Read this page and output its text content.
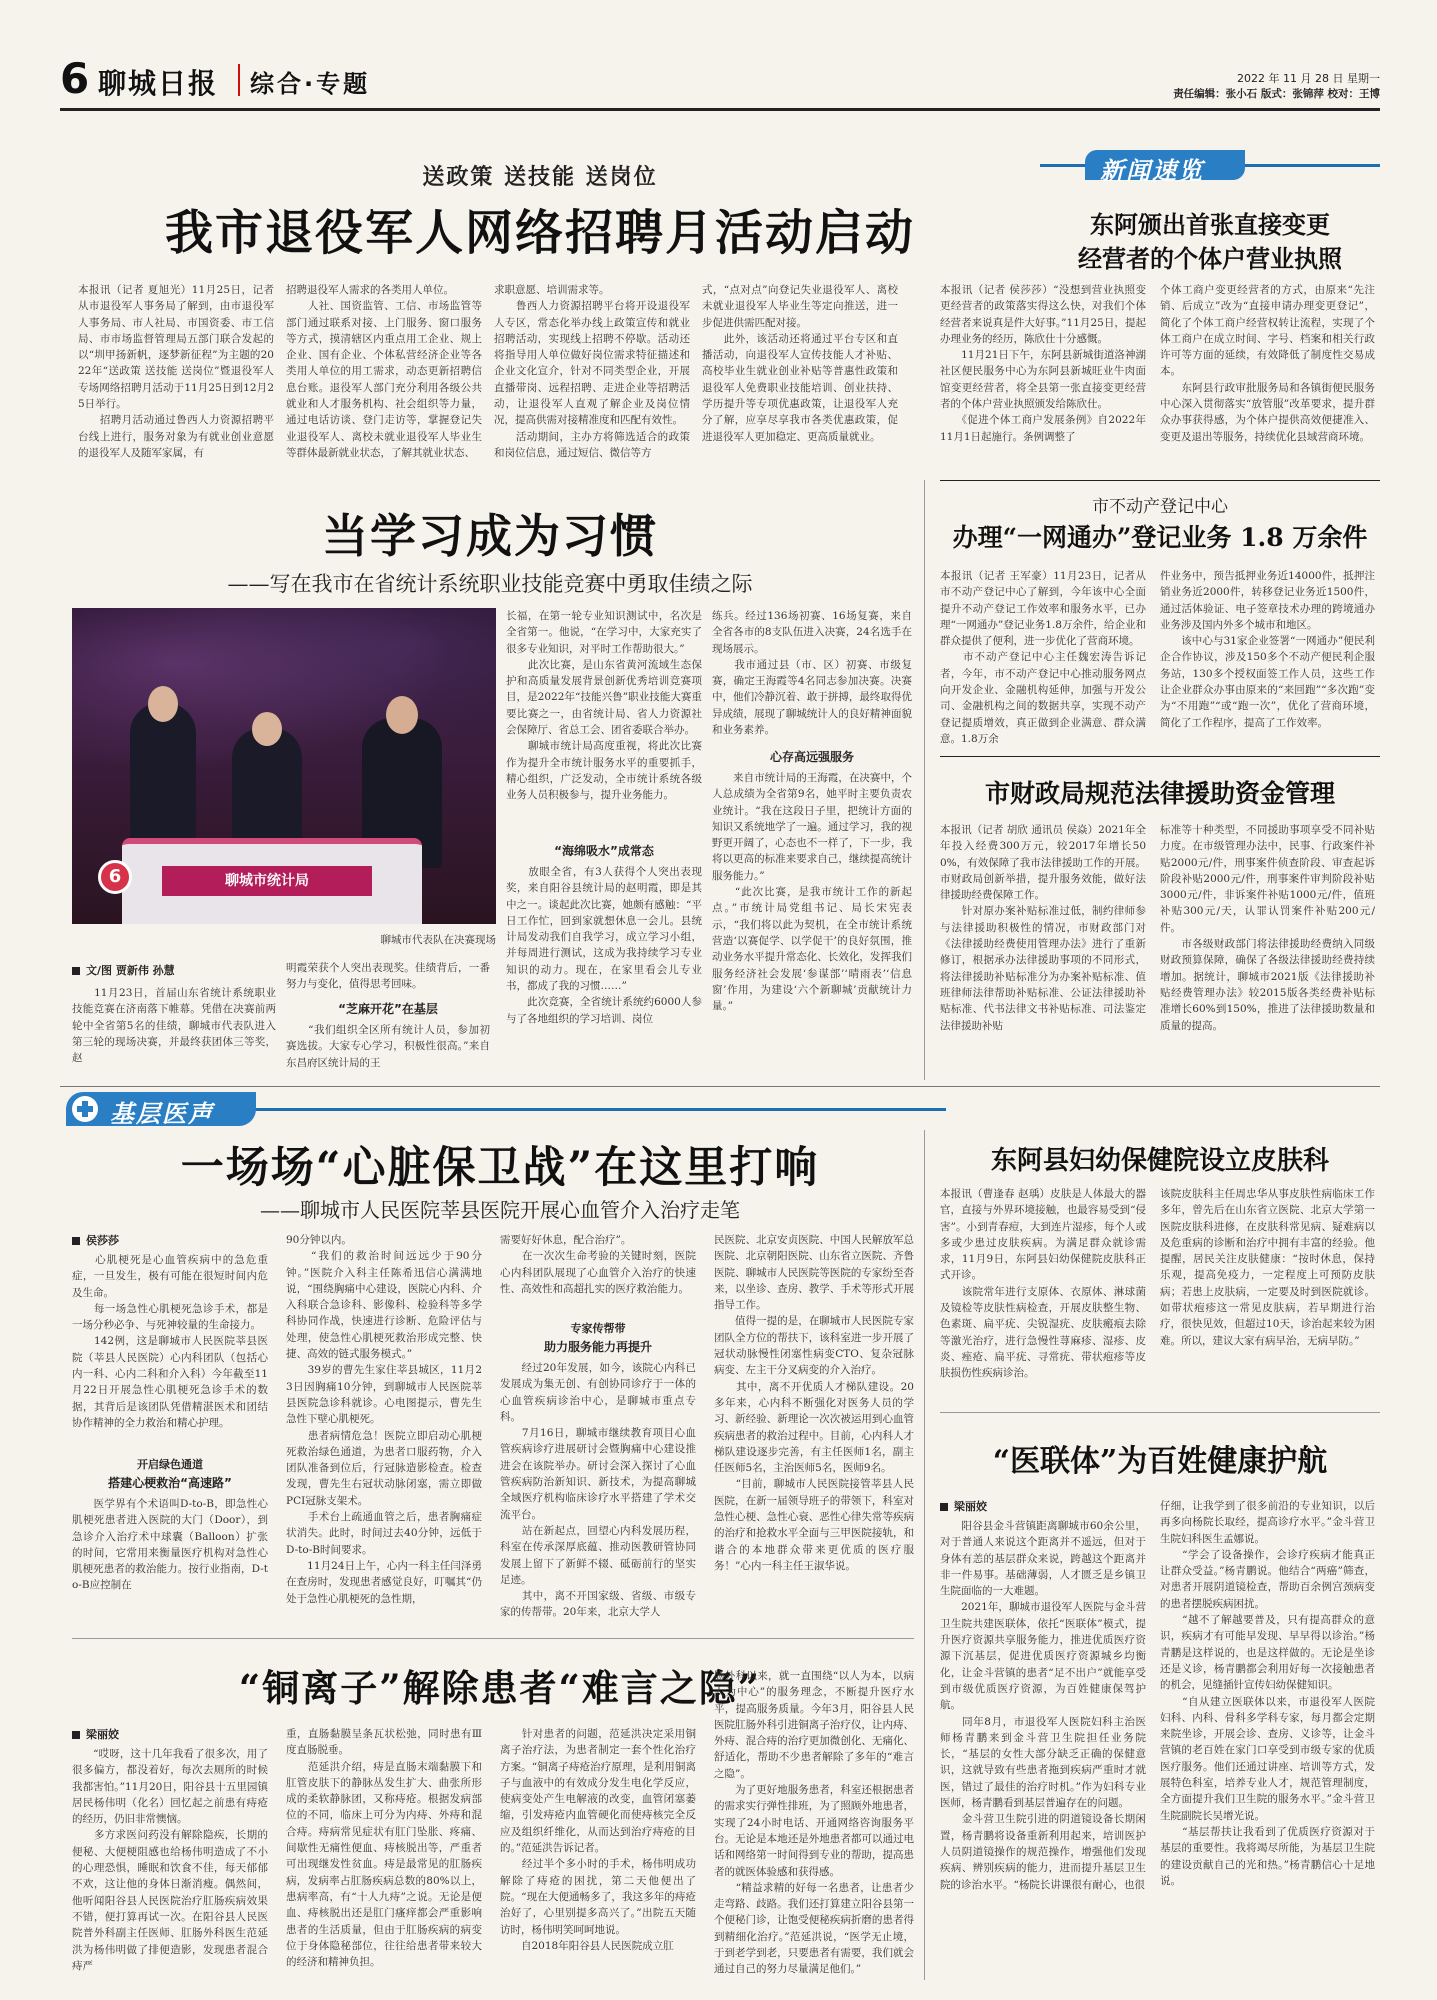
6 聊城日报 综合·专题	2022 年 11 月 28 日 星期一
责任编辑：张小石 版式：张锦萍 校对：王博
送政策 送技能 送岗位
我市退役军人网络招聘月活动启动
本报讯（记者 夏旭光）11月25日，记者从市退役军人事务局了解到，由市退役军人事务局、市人社局、市国资委、市工信局、市市场监督管理局五部门联合发起的以“圳甲扬新帆，逐梦新征程”为主题的2022年“送政策 送技能 送岗位”暨退役军人专场网络招聘月活动于11月25日到12月25日举行。
　　招聘月活动通过鲁西人力资源招聘平台线上进行，服务对象为有就业创业意愿的退役军人及随军家属，有
招聘退役军人需求的各类用人单位。
　　人社、国资监管、工信、市场监管等部门通过联系对接、上门服务、窗口服务等方式，摸清辖区内重点用工企业、规上企业、国有企业、个体私营经济企业等各类用人单位的用工需求，动态更新招聘信息台账。退役军人部门充分利用各级公共就业和人才服务机构、社会组织等力量，通过电话访谈、登门走访等，掌握登记失业退役军人、离校未就业退役军人毕业生等群体最新就业状态，了解其就业状态、
求职意愿、培训需求等。
　　鲁西人力资源招聘平台将开设退役军人专区，常态化举办线上政策宣传和就业招聘活动，实现线上招聘不停歇。活动还将指导用人单位做好岗位需求特征描述和企业文化宣介，针对不同类型企业，开展直播带岗、远程招聘、走进企业等招聘活动，让退役军人直观了解企业及岗位情况，提高供需对接精准度和匹配有效性。
　　活动期间，主办方将筛选适合的政策和岗位信息，通过短信、微信等方
式，“点对点”向登记失业退役军人、离校未就业退役军人毕业生等定向推送，进一步促进供需匹配对接。
　　此外，该活动还将通过平台专区和直播活动，向退役军人宣传技能人才补贴、高校毕业生就业创业补贴等普惠性政策和退役军人免费职业技能培训、创业扶持、学历提升等专项优惠政策，让退役军人充分了解，应享尽享我市各类优惠政策，促进退役军人更加稳定、更高质量就业。
新闻速览
东阿颁出首张直接变更
经营者的个体户营业执照
本报讯（记者 侯莎莎）“没想到营业执照变更经营者的政策落实得这么快，对我们个体经营者来说真是件大好事。”11月25日，提起办理业务的经历，陈欣仕十分感慨。
　　11月21日下午，东阿县新城街道洛神湖社区便民服务中心为东阿县新城旺业牛肉面馆变更经营者，将全县第一张直接变更经营者的个体户营业执照颁发给陈欣仕。
　　《促进个体工商户发展条例》自2022年11月1日起施行。条例调整了
个体工商户变更经营者的方式，由原来“先注销、后成立”改为“直接申请办理变更登记”，简化了个体工商户经营权转让流程，实现了个体工商户在成立时间、字号、档案和相关行政许可等方面的延续，有效降低了制度性交易成本。
　　东阿县行政审批服务局和各镇街便民服务中心深入贯彻落实“放管服”改革要求，提升群众办事获得感，为个体户提供高效便捷准入、变更及退出等服务，持续优化县域营商环境。
市不动产登记中心
办理“一网通办”登记业务 1.8 万余件
本报讯（记者 王军豪）11月23日，记者从市不动产登记中心了解到，今年该中心全面提升不动产登记工作效率和服务水平，已办理“一网通办”登记业务1.8万余件，给企业和群众提供了便利，进一步优化了营商环境。
　　市不动产登记中心主任魏宏涛告诉记者，今年，市不动产登记中心推动服务网点向开发企业、金融机构延伸，加强与开发公司、金融机构之间的数据共享，实现不动产登记提质增效，真正做到企业满意、群众满意。1.8万余
件业务中，预告抵押业务近14000件，抵押注销业务近2000件，转移登记业务近1500件，通过活体验证、电子签章技术办理的跨境通办业务涉及国内外多个城市和地区。
　　该中心与31家企业签署“一网通办”便民利企合作协议，涉及150多个不动产便民利企服务站，130多个授权面签工作人员，这些工作让企业群众办事由原来的“来回跑”“多次跑”变为“不用跑”“或“跑一次”，优化了营商环境，简化了工作程序，提高了工作效率。
市财政局规范法律援助资金管理
本报讯（记者 胡欣 通讯员 侯焱）2021年全年投入经费300万元，较2017年增长500%，有效保障了我市法律援助工作的开展。市财政局创新举措，提升服务效能，做好法律援助经费保障工作。
　　针对原办案补贴标准过低，制约律师参与法律援助积极性的情况，市财政部门对《法律援助经费使用管理办法》进行了重新修订，根据承办法律援助事项的不同形式，将法律援助补贴标准分为办案补贴标准、值班律师法律帮助补贴标准、公证法律援助补贴标准、代书法律文书补贴标准、司法鉴定法律援助补贴
标准等十种类型，不同援助事项享受不同补贴力度。在市级管理办法中，民事、行政案件补贴2000元/件，刑事案件侦查阶段、审查起诉阶段补贴2000元/件，刑事案件审判阶段补贴3000元/件，非诉案件补贴1000元/件，值班补贴300元/天，认罪认罚案件补贴200元/件。
　　市各级财政部门将法律援助经费纳入同级财政预算保障，确保了各级法律援助经费持续增加。据统计，聊城市2021版《法律援助补贴经费管理办法》较2015版各类经费补贴标准增长60%到150%，推进了法律援助数量和质量的提高。
当学习成为习惯
——写在我市在省统计系统职业技能竞赛中勇取佳绩之际
6	聊城市统计局
聊城市代表队在决赛现场
文/图 贾新伟 孙慧
　　11月23日，首届山东省统计系统职业技能竞赛在济南落下帷幕。凭借在决赛前两轮中全省第5名的佳绩，聊城市代表队进入第三轮的现场决赛，并最终获团体三等奖，赵
明霞荣获个人突出表现奖。佳绩背后，一番努力与变化，值得思考回味。
“芝麻开花”在基层
　　“我们组织全区所有统计人员，参加初赛选拔。大家专心学习，积极性很高。”来自东昌府区统计局的王
长福，在第一轮专业知识测试中，名次是全省第一。他说，“在学习中，大家充实了很多专业知识，对平时工作帮助很大。”
　　此次比赛，是山东省黄河流域生态保护和高质量发展背景创新优秀培训竞赛项目，是2022年“技能兴鲁”职业技能大赛重要比赛之一，由省统计局、省人力资源社会保障厅、省总工会、团省委联合举办。
　　聊城市统计局高度重视，将此次比赛作为提升全市统计服务水平的重要抓手，精心组织，广泛发动，全市统计系统各级业务人员积极参与，提升业务能力。
“海绵吸水”成常态
　　放眼全省，有3人获得个人突出表现奖，来自阳谷县统计局的赵明霞，即是其中之一。谈起此次比赛，她颇有感触：“平日工作忙，回到家就想休息一会儿。县统计局发动我们自我学习，成立学习小组，并每周进行测试，这成为我持续学习专业知识的动力。现在，在家里看会儿专业书，都成了我的习惯……”
　　此次竞赛，全省统计系统约6000人参与了各地组织的学习培训、岗位
练兵。经过136场初赛、16场复赛，来自全省各市的8支队伍进入决赛，24名选手在现场展示。
　　我市通过县（市、区）初赛、市级复赛，确定王海霞等4名同志参加决赛。决赛中，他们冷静沉着、敢于拼搏，最终取得优异成绩，展现了聊城统计人的良好精神面貌和业务素养。
心存高远强服务
　　来自市统计局的王海霞，在决赛中，个人总成绩为全省第9名，她平时主要负责农业统计。“我在这段日子里，把统计方面的知识又系统地学了一遍。通过学习，我的视野更开阔了，心态也不一样了，下一步，我将以更高的标准来要求自己，继续提高统计服务能力。”
　　“此次比赛，是我市统计工作的新起点。”市统计局党组书记、局长宋宪表示，“我们将以此为契机，在全市统计系统营造‘以赛促学、以学促干’的良好氛围，推动业务水平提升常态化、长效化，发挥我们服务经济社会发展‘参谋部’‘晴雨表’‘信息窗’作用，为建设‘六个新聊城’贡献统计力量。”
基层医声
一场场“心脏保卫战”在这里打响
——聊城市人民医院莘县医院开展心血管介入治疗走笔
侯莎莎
　　心肌梗死是心血管疾病中的急危重症，一旦发生，极有可能在很短时间内危及生命。
　　每一场急性心肌梗死急诊手术，都是一场分秒必争、与死神较量的生命接力。
　　142例，这是聊城市人民医院莘县医院（莘县人民医院）心内科团队（包括心内一科、心内二科和介入科）今年截至11月22日开展急性心肌梗死急诊手术的数据，其背后是该团队凭借精湛医术和团结协作精神的全力救治和精心护理。
开启绿色通道
搭建心梗救治“高速路”
　　医学界有个术语叫D-to-B，即急性心肌梗死患者进入医院的大门（Door），到急诊介入治疗术中球囊（Balloon）扩张的时间，它常用来衡量医疗机构对急性心肌梗死患者的救治能力。按行业指南，D-to-B应控制在
90分钟以内。
　　“我们的救治时间远远少于90分钟。”医院介入科主任陈希迅信心满满地说，“围绕胸痛中心建设，医院心内科、介入科联合急诊科、影像科、检验科等多学科协同作战，快速进行诊断、危险评估与处理，使急性心肌梗死救治形成完整、快捷、高效的链式服务模式。”
　　39岁的曹先生家住莘县城区，11月23日因胸痛10分钟，到聊城市人民医院莘县医院急诊科就诊。心电图提示，曹先生急性下壁心肌梗死。
　　患者病情危急！医院立即启动心肌梗死救治绿色通道，为患者口服药物，介入团队准备到位后，行冠脉造影检查。检查发现，曹先生右冠状动脉闭塞，需立即做PCI冠脉支架术。
　　手术台上疏通血管之后，患者胸痛症状消失。此时，时间过去40分钟，远低于D-to-B时间要求。
　　11月24日上午，心内一科主任闫泽勇在查房时，发现患者感觉良好，叮嘱其“仍处于急性心肌梗死的急性期，
需要好好休息，配合治疗”。
　　在一次次生命考验的关键时刻，医院心内科团队展现了心血管介入治疗的快速性、高效性和高超扎实的医疗救治能力。
专家传帮带
助力服务能力再提升
　　经过20年发展，如今，该院心内科已发展成为集无创、有创协同诊疗于一体的心血管疾病诊治中心，是聊城市重点专科。
　　7月16日，聊城市继续教育项目心血管疾病诊疗进展研讨会暨胸痛中心建设推进会在该院举办。研讨会深入探讨了心血管疾病防治新知识、新技术，为提高聊城全域医疗机构临床诊疗水平搭建了学术交流平台。
　　站在新起点，回望心内科发展历程，科室在传承深厚底蕴、推动医教研管协同发展上留下了新鲜不辍、砥砺前行的坚实足迹。
　　其中，离不开国家级、省级、市级专家的传帮带。20年来，北京大学人
民医院、北京安贞医院、中国人民解放军总医院、北京朝阳医院、山东省立医院、齐鲁医院、聊城市人民医院等医院的专家纷至沓来，以坐诊、查房、教学、手术等形式开展指导工作。
　　值得一提的是，在聊城市人民医院专家团队全方位的帮扶下，该科室进一步开展了冠状动脉慢性闭塞性病变CTO、复杂冠脉病变、左主干分叉病变的介入治疗。
　　其中，离不开优质人才梯队建设。20多年来，心内科不断强化对医务人员的学习、新经验、新理论一次次被运用到心血管疾病患者的救治过程中。目前，心内科人才梯队建设逐步完善，有主任医师1名，副主任医师5名，主治医师5名，医师9名。
　　“目前，聊城市人民医院接管莘县人民医院，在新一届领导班子的带领下，科室对急性心梗、急性心衰、恶性心律失常等疾病的治疗和抢救水平全面与三甲医院接轨，和谐合的本地群众带来更优质的医疗服务！”心内一科主任王淑华说。
“铜离子”解除患者“难言之隐”
梁丽姣
　　“哎呀，这十几年我看了很多次，用了很多偏方，都没着好，每次去厕所的时候我都害怕。”11月20日，阳谷县十五里园镇居民杨伟明（化名）回忆起之前患有痔疮的经历，仍旧非常懊恼。
　　多方求医问药没有解除隐疾，长期的便秘、大便梗阻感也给杨伟明造成了不小的心理恐惧，睡眠和饮食不佳，每天郁郁不欢，这让他的身体日渐消瘦。偶然间，他听闻阳谷县人民医院治疗肛肠疾病效果不错，便打算再试一次。在阳谷县人民医院普外科副主任医师、肛肠外科医生范延洪为杨伟明做了排便造影，发现患者混合痔严
重，直肠黏膜呈条瓦状松弛，同时患有Ⅲ度直肠脱垂。
　　范延洪介绍，痔是直肠末端黏膜下和肛管皮肤下的静脉丛发生扩大、曲张所形成的柔软静脉团，又称痔疮。根据发病部位的不同，临床上可分为内痔、外痔和混合痔。痔病常见症状有肛门坠胀、疼痛、间歇性无痛性便血、痔核脱出等，严重者可出现继发性贫血。痔是最常见的肛肠疾病，发病率占肛肠疾病总数的80%以上，患病率高，有“十人九痔”之说。无论是便血、痔核脱出还是肛门瘙痒都会严重影响患者的生活质量，但由于肛肠疾病的病变位于身体隐秘部位，往往给患者带来较大的经济和精神负担。
　　针对患者的问题，范延洪决定采用铜离子治疗法，为患者制定一套个性化治疗方案。“铜离子痔疮治疗原理，是利用铜离子与血液中的有效成分发生电化学反应，使病变处产生电解液的改变，血管闭塞萎缩，引发痔疮内血管硬化而使痔核完全反应及组织纤维化，从而达到治疗痔疮的目的。”范延洪告诉记者。
　　经过半个多小时的手术，杨伟明成功解除了痔疮的困扰，第二天他便出了院。“现在大便通畅多了，我这多年的痔疮治好了，心里别提多高兴了。”出院五天随访时，杨伟明笑呵呵地说。
　　自2018年阳谷县人民医院成立肛
肠外科以来，就一直围绕“以人为本，以病人为中心”的服务理念，不断提升医疗水平，提高服务质量。今年3月，阳谷县人民医院肛肠外科引进铜离子治疗仪，让内痔、外痔、混合痔的治疗更加微创化、无痛化、舒适化，帮助不少患者解除了多年的“难言之隐”。
　　为了更好地服务患者，科室还根据患者的需求实行弹性排班，为了照顾外地患者，实现了24小时电话、开通网络咨询服务平台。无论是本地还是外地患者都可以通过电话和网络第一时间得到专业的帮助，提高患者的就医体验感和获得感。
　　“精益求精的好每一名患者，让患者少走弯路、歧路。我们还打算建立阳谷县第一个便秘门诊，让饱受便秘疾病折磨的患者得到精细化治疗。”范延洪说，“医学无止境，于到老学到老，只要患者有需要，我们就会通过自己的努力尽量满足他们。”
东阿县妇幼保健院设立皮肤科
本报讯（曹逢春 赵瑀）皮肤是人体最大的器官，直接与外界环境接触，也最容易受到“侵害”。小到青春痘，大到连片湿疹，每个人或多或少患过皮肤疾病。为满足群众就诊需求，11月9日，东阿县妇幼保健院皮肤科正式开诊。
　　该院常年进行支原体、衣原体、淋球菌及镜检等皮肤性病检查，开展皮肤整生物、色素斑、扁平疣、尖锐湿疣、皮肤瘢痕去除等激光治疗，进行急慢性荨麻疹、湿疹、皮炎、痤疮、扁平疣、寻常疣、带状疱疹等皮肤损伤性疾病诊治。
该院皮肤科主任周忠华从事皮肤性病临床工作多年，曾先后在山东省立医院、北京大学第一医院皮肤科进修，在皮肤科常见病、疑难病以及危重病的诊断和治疗中拥有丰富的经验。他提醒，居民关注皮肤健康：“按时休息，保持乐观，提高免疫力，一定程度上可预防皮肤病；若患上皮肤病，一定要及时到医院就诊。如带状疱疹这一常见皮肤病，若早期进行治疗，很快见效，但超过10天，诊治起来较为困难。所以，建议大家有病早治，无病早防。”
“医联体”为百姓健康护航
梁丽姣
　　阳谷县金斗营镇距离聊城市60余公里，对于普通人来说这个距离并不遥远，但对于身体有恙的基层群众来说，跨越这个距离并非一件易事。基础薄弱，人才匮乏是乡镇卫生院面临的一大难题。
　　2021年，聊城市退役军人医院与金斗营卫生院共建医联体，依托“医联体”模式，提升医疗资源共享服务能力，推进优质医疗资源下沉基层，促进优质医疗资源城乡均衡化，让金斗营镇的患者“足不出户”就能享受到市级优质医疗资源，为百姓健康保驾护航。
　　同年8月，市退役军人医院妇科主治医师杨青鹏来到金斗营卫生院担任业务院长，“基层的女性大部分缺乏正确的保健意识，这就导致有些患者拖到疾病严重时才就医，错过了最佳的治疗时机。”作为妇科专业医师，杨青鹏看到基层普遍存在的问题。
　　金斗营卫生院引进的阴道镜设备长期闲置，杨青鹏将设备重新利用起来，培训医护人员阴道镜操作的规范操作，增强他们发现疾病、辨别疾病的能力，进而提升基层卫生院的诊治水平。“杨院长讲课很有耐心，也很
仔细，让我学到了很多前沿的专业知识，以后再多向杨院长取经，提高诊疗水平。”金斗营卫生院妇科医生孟娜说。
　　“学会了设备操作，会诊疗疾病才能真正让群众受益。”杨青鹏说。他结合“两癌”筛查，对患者开展阴道镜检查，帮助百余例宫颈病变的患者摆脱疾病困扰。
　　“越不了解越要普及，只有提高群众的意识，疾病才有可能早发现、早早得以诊治。”杨青鹏是这样说的，也是这样做的。无论是坐诊还是义诊，杨青鹏都会利用好每一次接触患者的机会，见缝插针宣传妇幼保健知识。
　　“自从建立医联体以来，市退役军人医院妇科、内科、骨科多学科专家，每月都会定期来院坐诊，开展会诊、查房、义诊等，让金斗营镇的老百姓在家门口享受到市级专家的优质医疗服务。他们还通过讲座、培训等方式，发展特色科室，培养专业人才，规范管理制度，全方面提升我们卫生院的服务水平。”金斗营卫生院副院长吴增光说。
　　“基层帮扶让我看到了优质医疗资源对于基层的重要性。我将竭尽所能，为基层卫生院的建设贡献自己的光和热。”杨青鹏信心十足地说。
